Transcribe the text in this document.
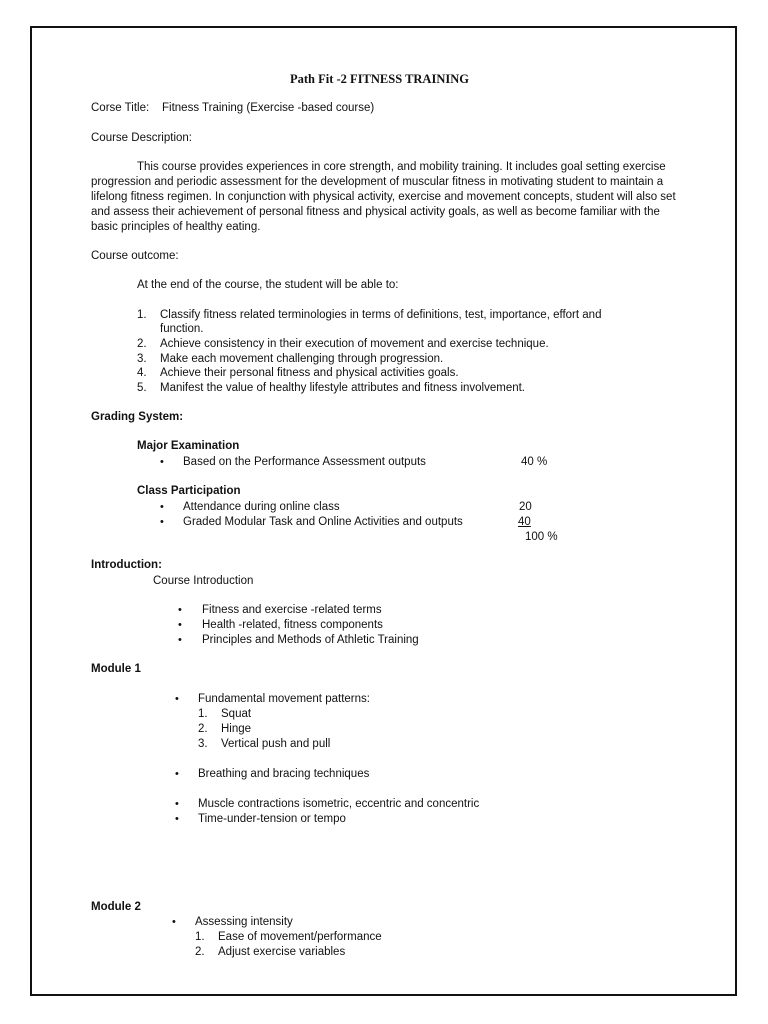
Path Fit -2 FITNESS TRAINING
Corse Title: Fitness Training (Exercise -based course)
Course Description:
This course provides experiences in core strength, and mobility training. It includes goal setting exercise progression and periodic assessment for the development of muscular fitness in motivating student to maintain a lifelong fitness regimen. In conjunction with physical activity, exercise and movement concepts, student will also set and assess their achievement of personal fitness and physical activity goals, as well as become familiar with the basic principles of healthy eating.
Course outcome:
At the end of the course, the student will be able to:
1. Classify fitness related terminologies in terms of definitions, test, importance, effort and
function.
2. Achieve consistency in their execution of movement and exercise technique.
3. Make each movement challenging through progression.
4. Achieve their personal fitness and physical activities goals.
5. Manifest the value of healthy lifestyle attributes and fitness involvement.
Grading System:
Major Examination
• Based on the Performance Assessment outputs	40 %
Class Participation
• Attendance during online class	20
• Graded Modular Task and Online Activities and outputs	40
100 %
Introduction:
Course Introduction
• Fitness and exercise -related terms
• Health -related, fitness components
• Principles and Methods of Athletic Training
Module 1
• Fundamental movement patterns:
1. Squat
2. Hinge
3. Vertical push and pull
• Breathing and bracing techniques
• Muscle contractions isometric, eccentric and concentric
• Time-under-tension or tempo
Module 2
• Assessing intensity
1. Ease of movement/performance
2. Adjust exercise variables
